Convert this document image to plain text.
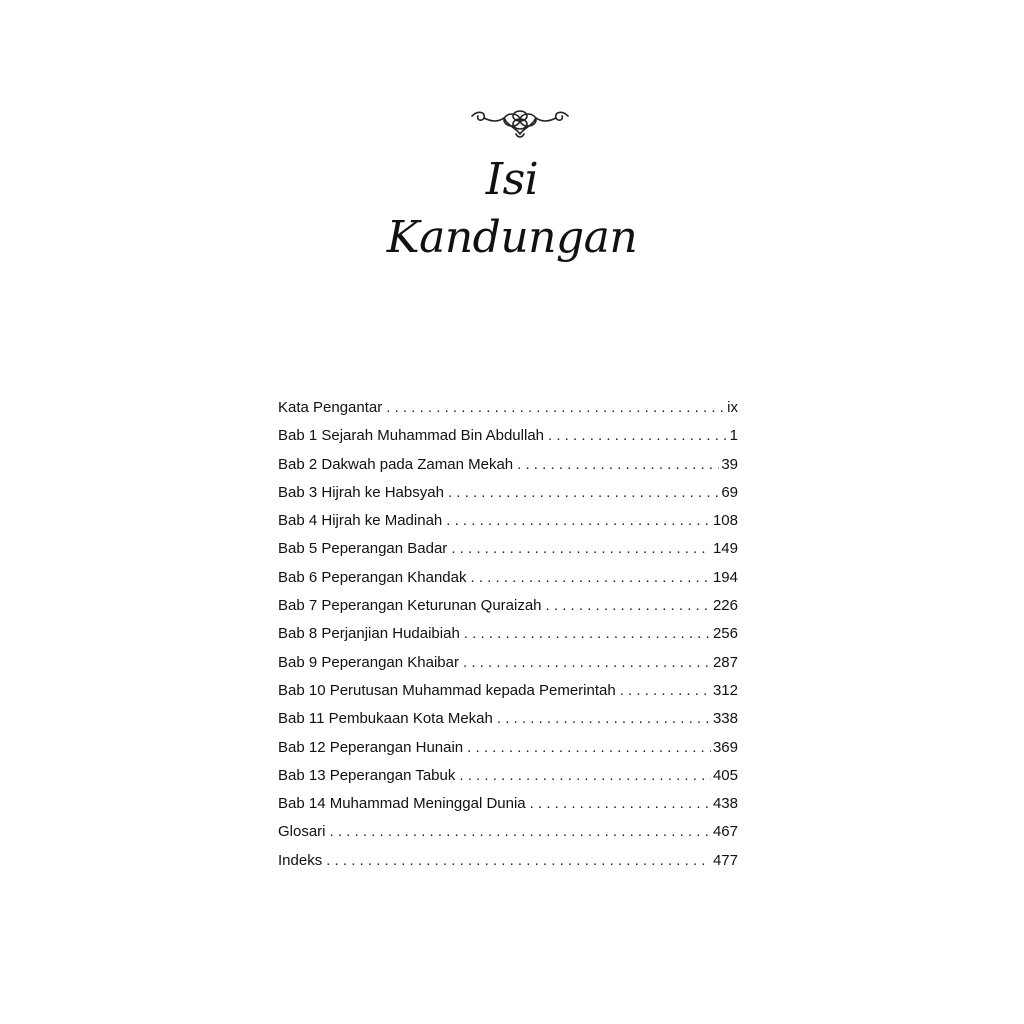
Isi
Kandungan
Kata Pengantar . . .	ix
Bab 1 Sejarah Muhammad Bin Abdullah . . .	1
Bab 2 Dakwah pada Zaman Mekah . . .	39
Bab 3 Hijrah ke Habsyah . . .	69
Bab 4 Hijrah ke Madinah . . .	108
Bab 5 Peperangan Badar . . .	149
Bab 6 Peperangan Khandak . . .	194
Bab 7 Peperangan Keturunan Quraizah . . .	226
Bab 8 Perjanjian Hudaibiah . . .	256
Bab 9 Peperangan Khaibar . . .	287
Bab 10 Perutusan Muhammad kepada Pemerintah . . .	312
Bab 11 Pembukaan Kota Mekah . . .	338
Bab 12 Peperangan Hunain . . .	369
Bab 13 Peperangan Tabuk . . .	405
Bab 14 Muhammad Meninggal Dunia . . .	438
Glosari . . .	467
Indeks . . .	477
